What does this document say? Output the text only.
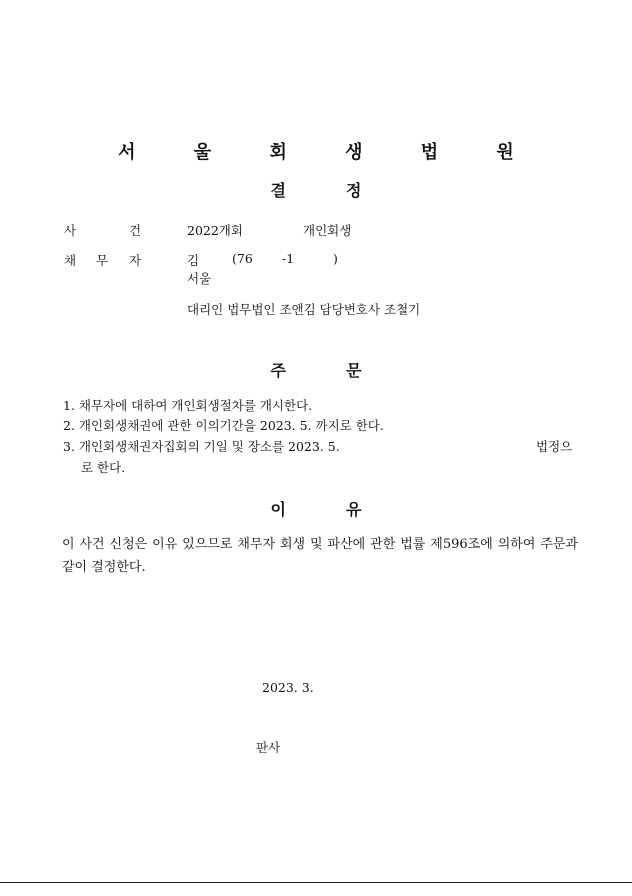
서 울 회 생 법 원
결	정
사	건	2022개회	개인회생
채 무 자	김	(76 -1	)
서울
대리인 법무법인 조앤김 담당변호사 조철기
주	문
1. 채무자에 대하여 개인회생절차를 개시한다.
2. 개인회생채권에 관한 이의기간을 2023. 5. 까지로 한다.
3. 개인회생채권자집회의 기일 및 장소를 2023. 5.	법정으
로 한다.
이	유
이 사건 신청은 이유 있으므로 채무자 회생 및 파산에 관한 법률 제596조에 의하여 주문과 같이 결정한다.
2023. 3.
판사
